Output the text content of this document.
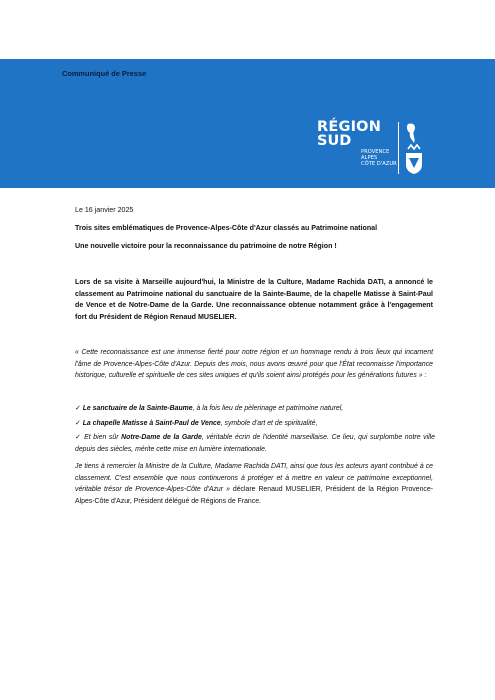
Communiqué de Presse
RÉGION
SUD
PROVENCE
ALPES
CÔTE D'AZUR
Le 16 janvier 2025
Trois sites emblématiques de Provence-Alpes-Côte d'Azur classés au Patrimoine national
Une nouvelle victoire pour la reconnaissance du patrimoine de notre Région !
Lors de sa visite à Marseille aujourd'hui, la Ministre de la Culture, Madame Rachida DATI, a annoncé le classement au Patrimoine national du sanctuaire de la Sainte-Baume, de la chapelle Matisse à Saint-Paul de Vence et de Notre-Dame de la Garde. Une reconnaissance obtenue notamment grâce à l'engagement fort du Président de Région Renaud MUSELIER.
« Cette reconnaissance est une immense fierté pour notre région et un hommage rendu à trois lieux qui incarnent l'âme de Provence-Alpes-Côte d'Azur. Depuis des mois, nous avons œuvré pour que l'État reconnaisse l'importance historique, culturelle et spirituelle de ces sites uniques et qu'ils soient ainsi protégés pour les générations futures » :
✓ Le sanctuaire de la Sainte-Baume, à la fois lieu de pèlerinage et patrimoine naturel,
✓ La chapelle Matisse à Saint-Paul de Vence, symbole d'art et de spiritualité,
✓ Et bien sûr Notre-Dame de la Garde, véritable écrin de l'identité marseillaise. Ce lieu, qui surplombe notre ville depuis des siècles, mérite cette mise en lumière internationale.
Je tiens à remercier la Ministre de la Culture, Madame Rachida DATI, ainsi que tous les acteurs ayant contribué à ce classement. C'est ensemble que nous continuerons à protéger et à mettre en valeur ce patrimoine exceptionnel, véritable trésor de Provence-Alpes-Côte d'Azur » déclare Renaud MUSELIER, Président de la Région Provence-Alpes-Côte d'Azur, Président délégué de Régions de France.
